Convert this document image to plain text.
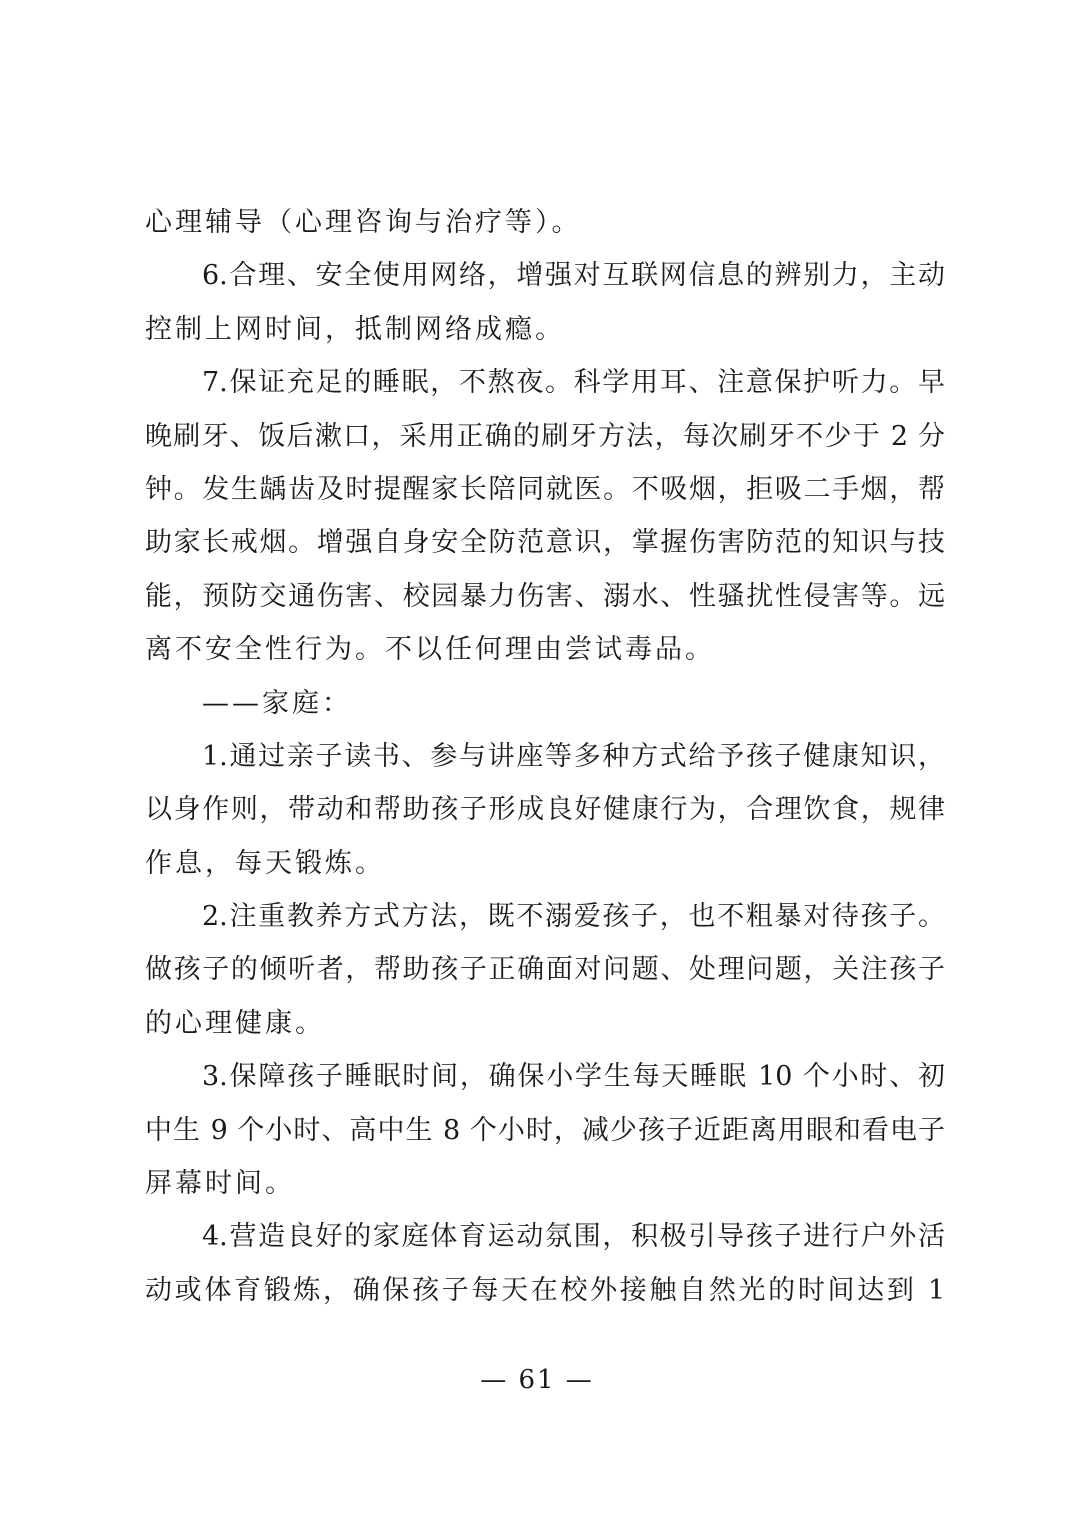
心理辅导（心理咨询与治疗等）。
6.合理、安全使用网络，增强对互联网信息的辨别力，主动
控制上网时间，抵制网络成瘾。
7.保证充足的睡眠，不熬夜。科学用耳、注意保护听力。早
晚刷牙、饭后漱口，采用正确的刷牙方法，每次刷牙不少于 2 分
钟。发生龋齿及时提醒家长陪同就医。不吸烟，拒吸二手烟，帮
助家长戒烟。增强自身安全防范意识，掌握伤害防范的知识与技
能，预防交通伤害、校园暴力伤害、溺水、性骚扰性侵害等。远
离不安全性行为。不以任何理由尝试毒品。
——家庭：
1.通过亲子读书、参与讲座等多种方式给予孩子健康知识，
以身作则，带动和帮助孩子形成良好健康行为，合理饮食，规律
作息，每天锻炼。
2.注重教养方式方法，既不溺爱孩子，也不粗暴对待孩子。
做孩子的倾听者，帮助孩子正确面对问题、处理问题，关注孩子
的心理健康。
3.保障孩子睡眠时间，确保小学生每天睡眠 10 个小时、初
中生 9 个小时、高中生 8 个小时，减少孩子近距离用眼和看电子
屏幕时间。
4.营造良好的家庭体育运动氛围，积极引导孩子进行户外活
动或体育锻炼，确保孩子每天在校外接触自然光的时间达到 1
— 61 —
